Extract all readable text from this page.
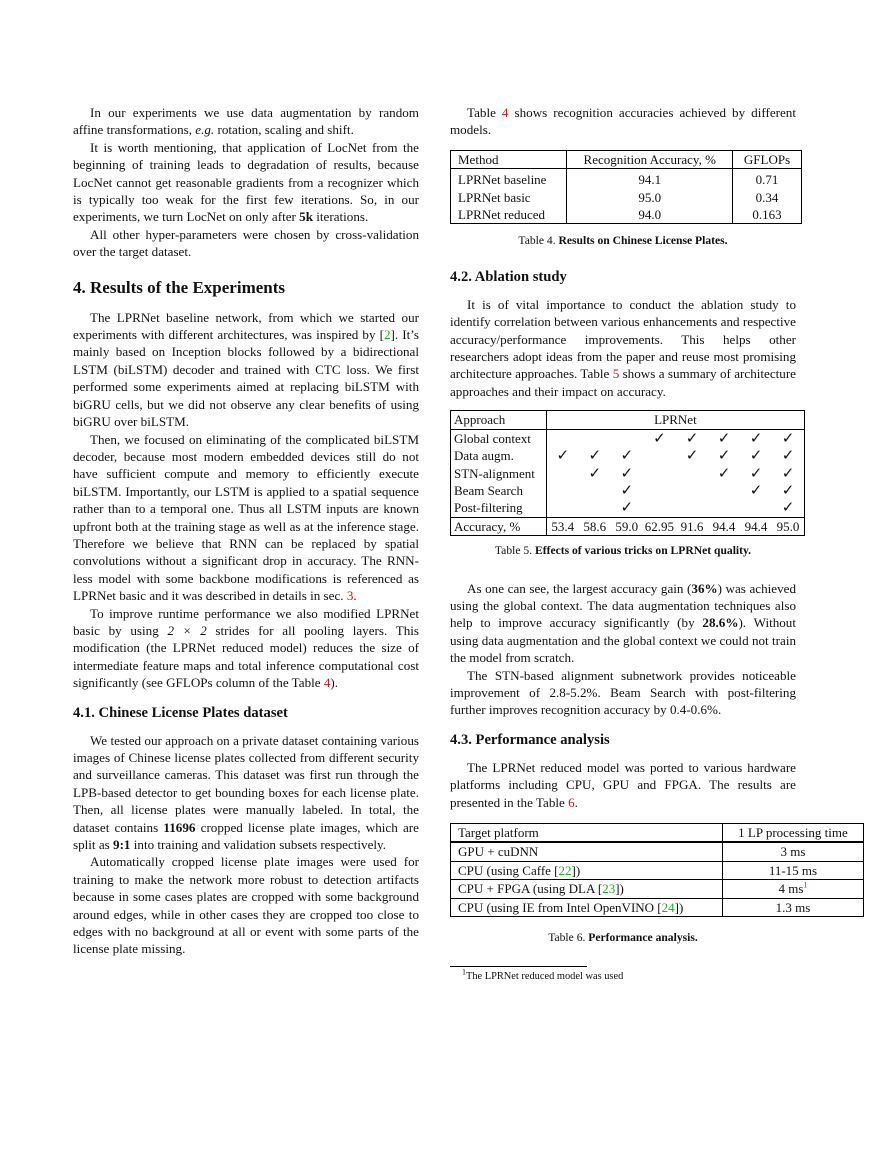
In our experiments we use data augmentation by random affine transformations, e.g. rotation, scaling and shift.

It is worth mentioning, that application of LocNet from the beginning of training leads to degradation of results, because LocNet cannot get reasonable gradients from a recognizer which is typically too weak for the first few iterations. So, in our experiments, we turn LocNet on only after 5k iterations.

All other hyper-parameters were chosen by cross-validation over the target dataset.

4. Results of the Experiments

The LPRNet baseline network, from which we started our experiments with different architectures, was inspired by [2]. It’s mainly based on Inception blocks followed by a bidirectional LSTM (biLSTM) decoder and trained with CTC loss. We first performed some experiments aimed at replacing biLSTM with biGRU cells, but we did not observe any clear benefits of using biGRU over biLSTM.

Then, we focused on eliminating of the complicated biLSTM decoder, because most modern embedded devices still do not have sufficient compute and memory to efficiently execute biLSTM. Importantly, our LSTM is applied to a spatial sequence rather than to a temporal one. Thus all LSTM inputs are known upfront both at the training stage as well as at the inference stage. Therefore we believe that RNN can be replaced by spatial convolutions without a significant drop in accuracy. The RNN-less model with some backbone modifications is referenced as LPRNet basic and it was described in details in sec. 3.

To improve runtime performance we also modified LPRNet basic by using 2 × 2 strides for all pooling layers. This modification (the LPRNet reduced model) reduces the size of intermediate feature maps and total inference computational cost significantly (see GFLOPs column of the Table 4).

4.1. Chinese License Plates dataset

We tested our approach on a private dataset containing various images of Chinese license plates collected from different security and surveillance cameras. This dataset was first run through the LPB-based detector to get bounding boxes for each license plate. Then, all license plates were manually labeled. In total, the dataset contains 11696 cropped license plate images, which are split as 9:1 into training and validation subsets respectively.

Automatically cropped license plate images were used for training to make the network more robust to detection artifacts because in some cases plates are cropped with some background around edges, while in other cases they are cropped too close to edges with no background at all or event with some parts of the license plate missing.

Table 4 shows recognition accuracies achieved by different models.

Method	Recognition Accuracy, %	GFLOPs
LPRNet baseline	94.1	0.71
LPRNet basic	95.0	0.34
LPRNet reduced	94.0	0.163
Table 4. Results on Chinese License Plates.
4.2. Ablation study

It is of vital importance to conduct the ablation study to identify correlation between various enhancements and respective accuracy/performance improvements. This helps other researchers adopt ideas from the paper and reuse most promising architecture approaches. Table 5 shows a summary of architecture approaches and their impact on accuracy.

Approach	LPRNet							
Global context				✓	✓	✓	✓	✓
Data augm.	✓	✓	✓		✓	✓	✓	✓
STN-alignment		✓	✓			✓	✓	✓
Beam Search			✓				✓	✓
Post-filtering			✓					✓
Accuracy, %	53.4	58.6	59.0	62.95	91.6	94.4	94.4	95.0
Table 5. Effects of various tricks on LPRNet quality.

As one can see, the largest accuracy gain (36%) was achieved using the global context. The data augmentation techniques also help to improve accuracy significantly (by 28.6%). Without using data augmentation and the global context we could not train the model from scratch.

The STN-based alignment subnetwork provides noticeable improvement of 2.8-5.2%. Beam Search with post-filtering further improves recognition accuracy by 0.4-0.6%.

4.3. Performance analysis

The LPRNet reduced model was ported to various hardware platforms including CPU, GPU and FPGA. The results are presented in the Table 6.

Target platform	1 LP processing time
GPU + cuDNN	3 ms
CPU (using Caffe [22])	11-15 ms
CPU + FPGA (using DLA [23])	4 ms$^1$
CPU (using IE from Intel OpenVINO [24])	1.3 ms
Table 6. Performance analysis.
$^1$The LPRNet reduced model was used
